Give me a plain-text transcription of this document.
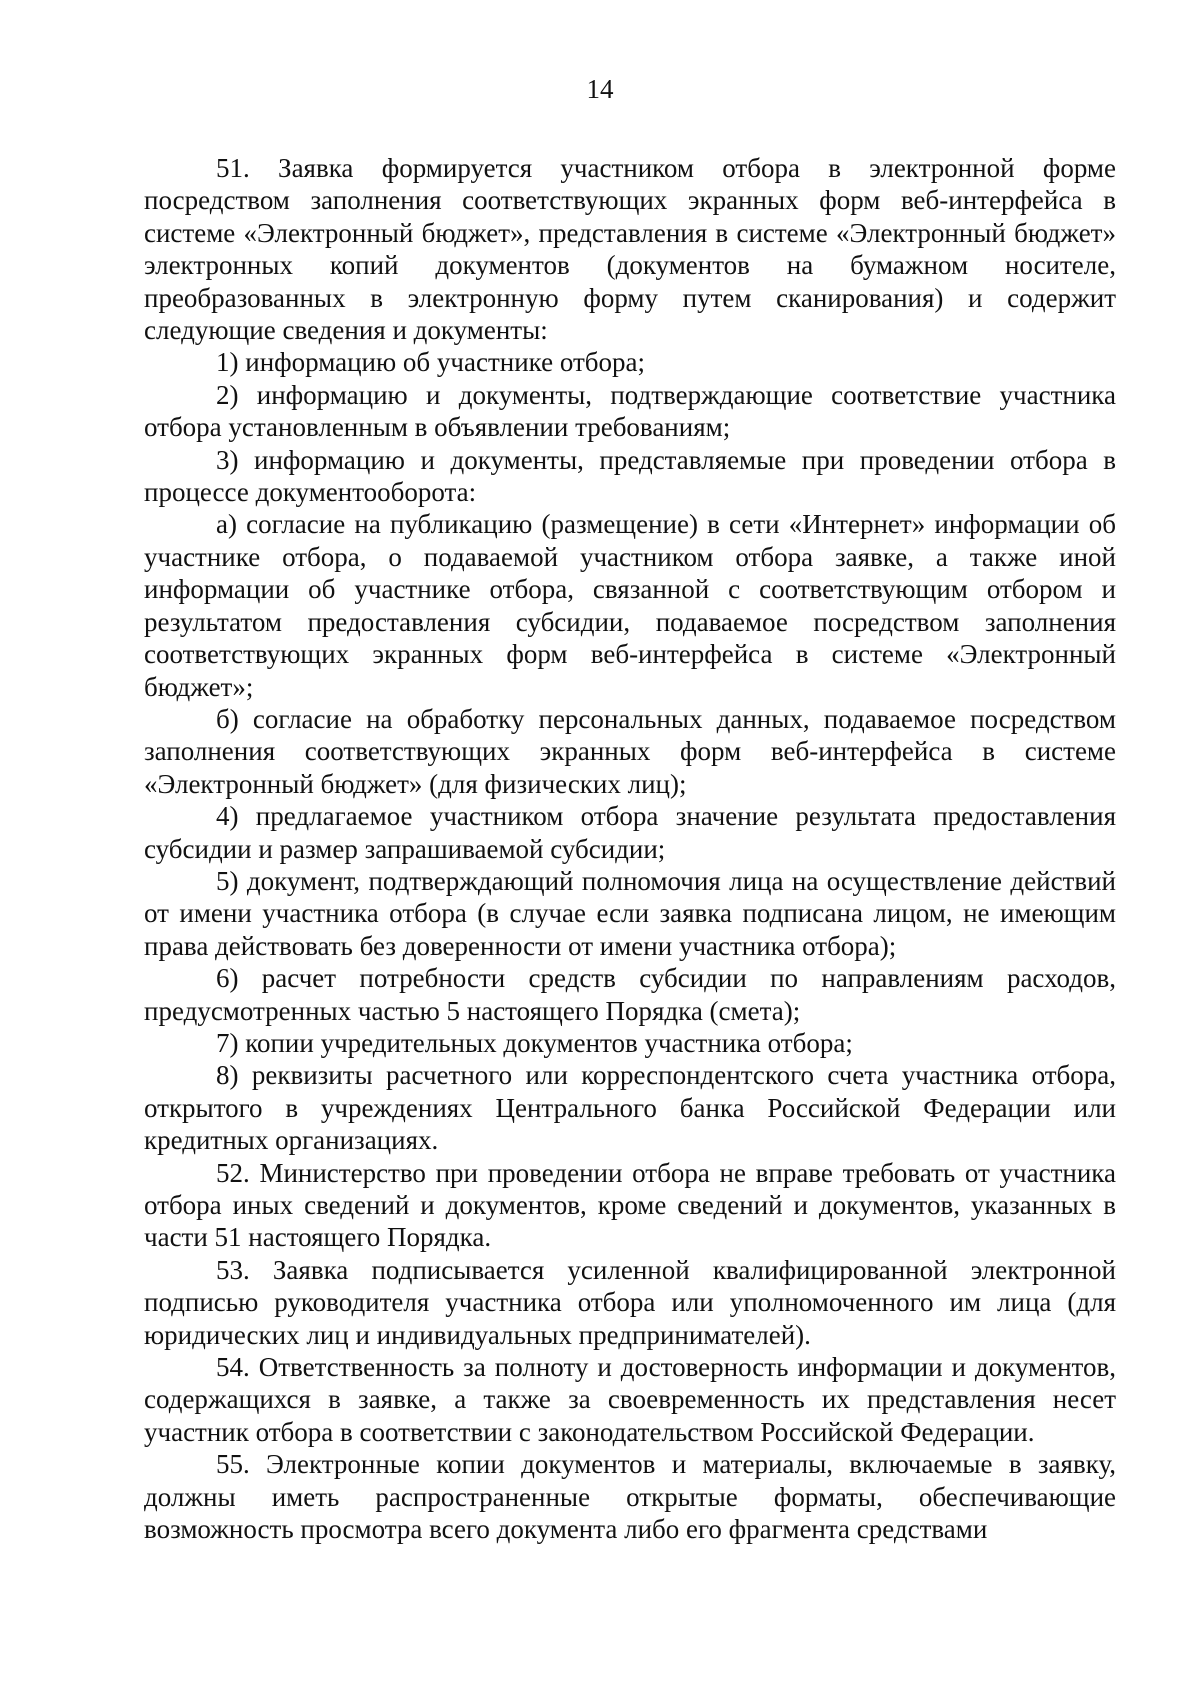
14

51. Заявка формируется участником отбора в электронной форме посредством заполнения соответствующих экранных форм веб-интерфейса в системе «Электронный бюджет», представления в системе «Электронный бюджет» электронных копий документов (документов на бумажном носителе, преобразованных в электронную форму путем сканирования) и содержит следующие сведения и документы:

1) информацию об участнике отбора;

2) информацию и документы, подтверждающие соответствие участника отбора установленным в объявлении требованиям;

3) информацию и документы, представляемые при проведении отбора в процессе документооборота:

а) согласие на публикацию (размещение) в сети «Интернет» информации об участнике отбора, о подаваемой участником отбора заявке, а также иной информации об участнике отбора, связанной с соответствующим отбором и результатом предоставления субсидии, подаваемое посредством заполнения соответствующих экранных форм веб-интерфейса в системе «Электронный бюджет»;

б) согласие на обработку персональных данных, подаваемое посредством заполнения соответствующих экранных форм веб-интерфейса в системе «Электронный бюджет» (для физических лиц);

4) предлагаемое участником отбора значение результата предоставления субсидии и размер запрашиваемой субсидии;

5) документ, подтверждающий полномочия лица на осуществление действий от имени участника отбора (в случае если заявка подписана лицом, не имеющим права действовать без доверенности от имени участника отбора);

6) расчет потребности средств субсидии по направлениям расходов, предусмотренных частью 5 настоящего Порядка (смета);

7) копии учредительных документов участника отбора;

8) реквизиты расчетного или корреспондентского счета участника отбора, открытого в учреждениях Центрального банка Российской Федерации или кредитных организациях.

52. Министерство при проведении отбора не вправе требовать от участника отбора иных сведений и документов, кроме сведений и документов, указанных в части 51 настоящего Порядка.

53. Заявка подписывается усиленной квалифицированной электронной подписью руководителя участника отбора или уполномоченного им лица (для юридических лиц и индивидуальных предпринимателей).

54. Ответственность за полноту и достоверность информации и документов, содержащихся в заявке, а также за своевременность их представления несет участник отбора в соответствии с законодательством Российской Федерации.

55. Электронные копии документов и материалы, включаемые в заявку, должны иметь распространенные открытые форматы, обеспечивающие возможность просмотра всего документа либо его фрагмента средствами
